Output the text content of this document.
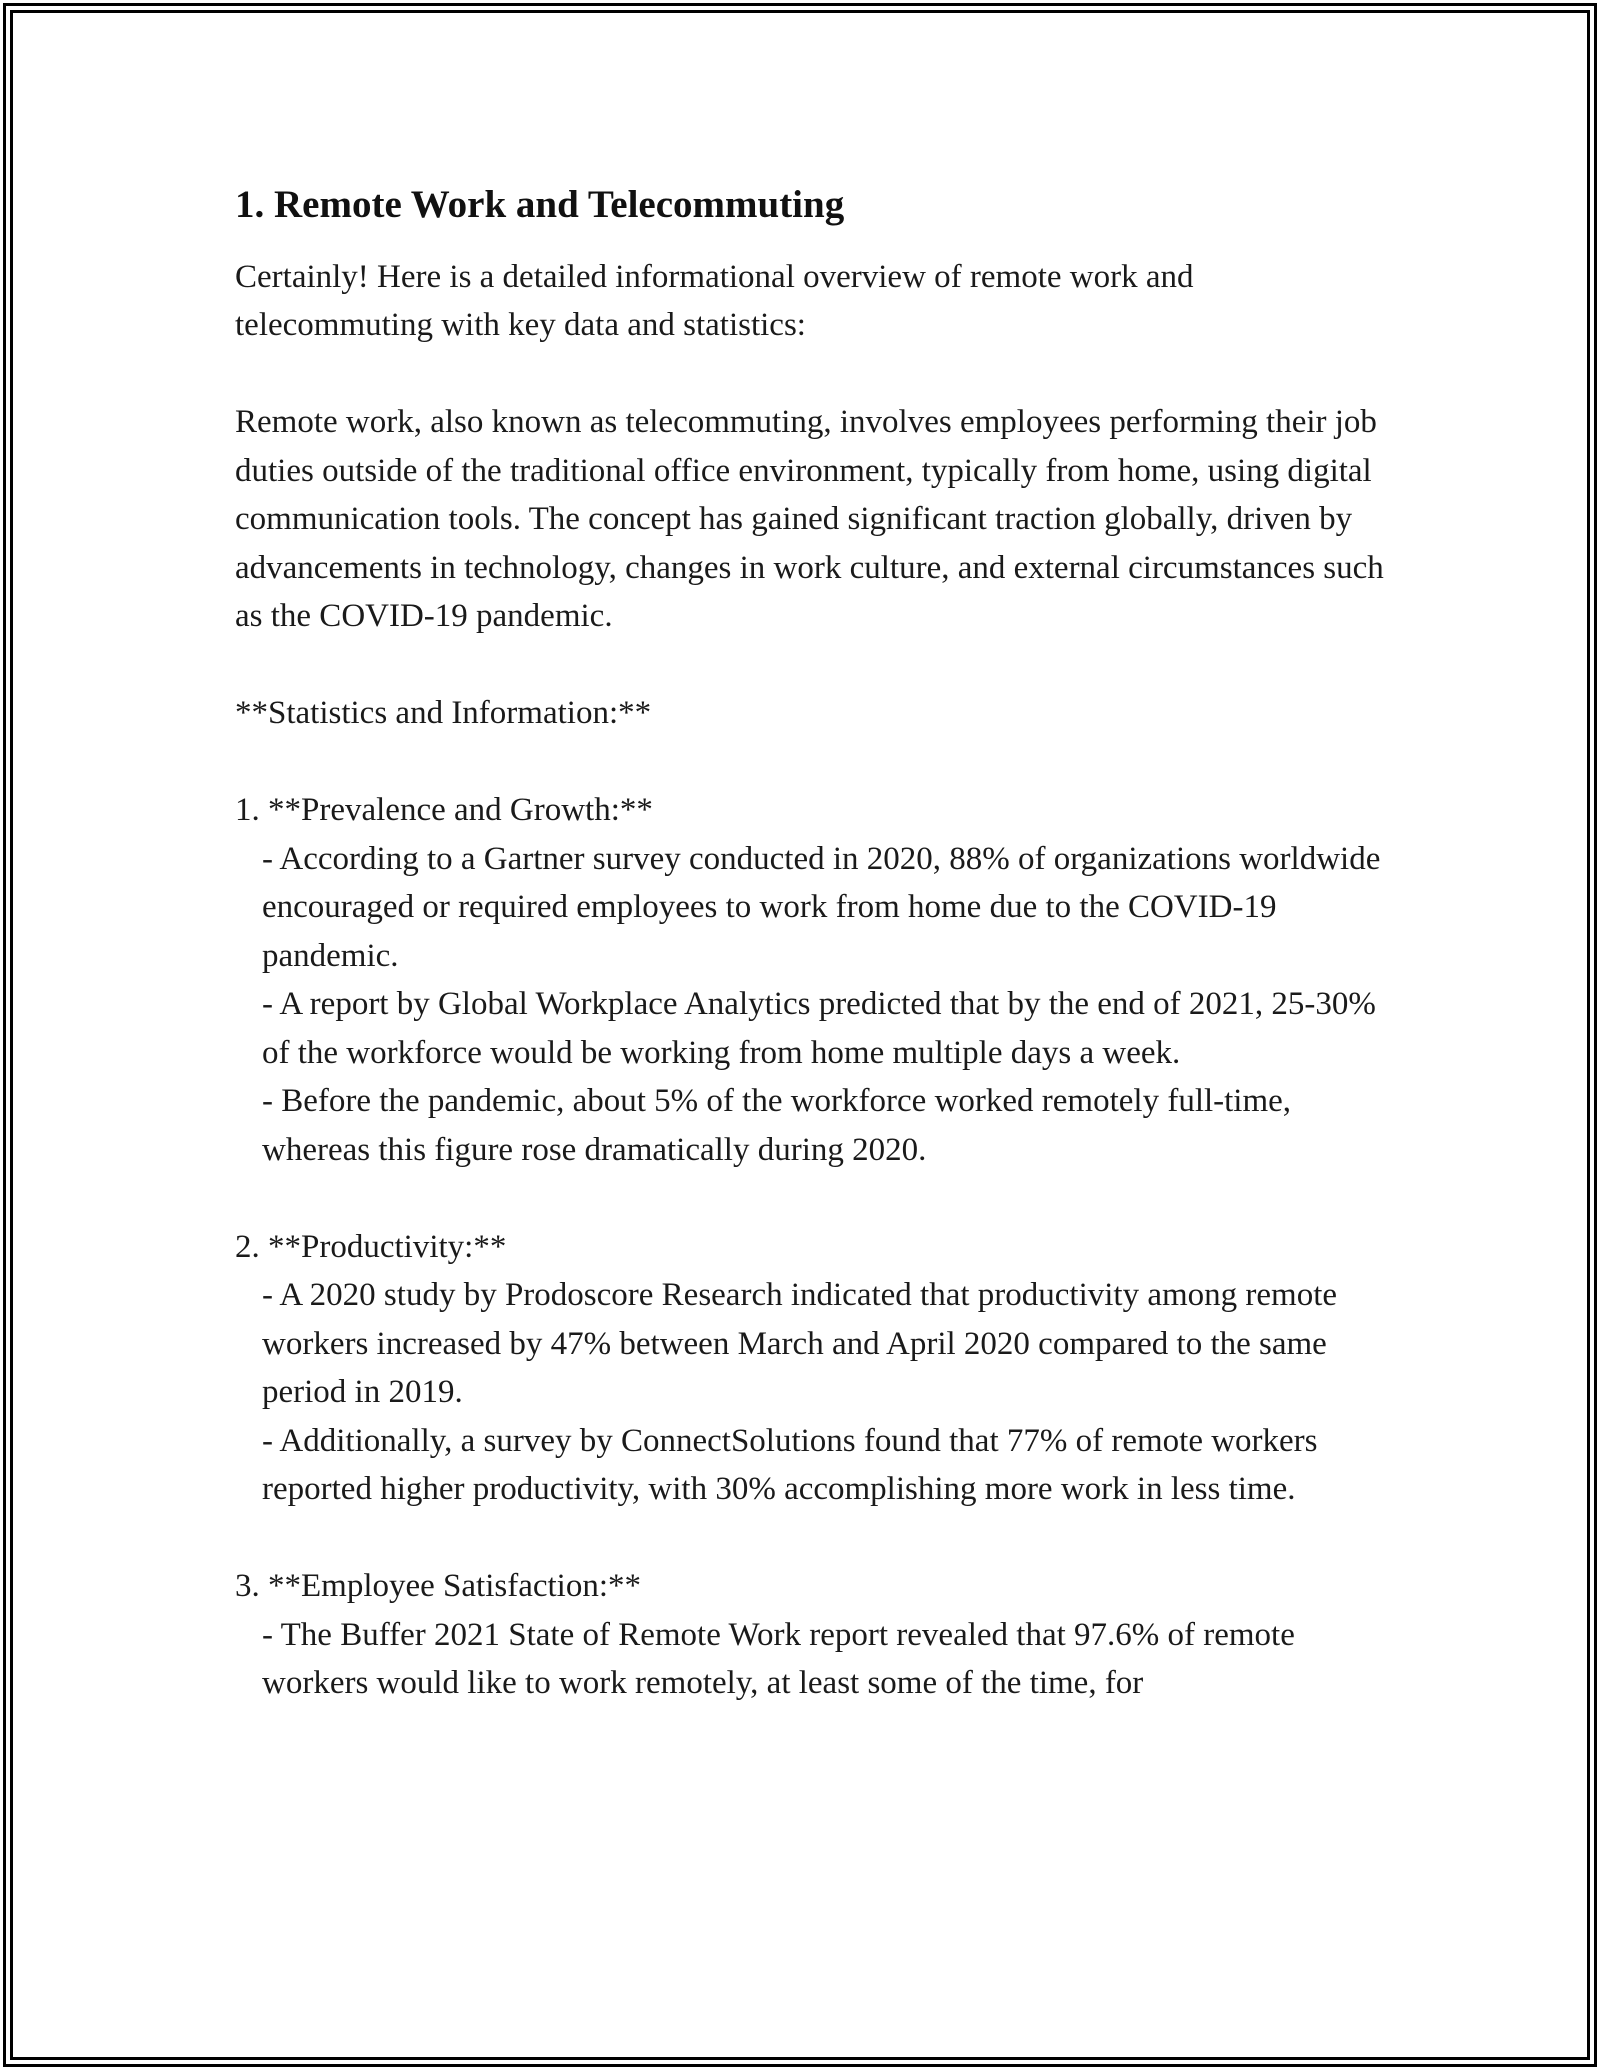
1. Remote Work and Telecommuting

Certainly! Here is a detailed informational overview of remote work and telecommuting with key data and statistics:

Remote work, also known as telecommuting, involves employees performing their job duties outside of the traditional office environment, typically from home, using digital communication tools. The concept has gained significant traction globally, driven by advancements in technology, changes in work culture, and external circumstances such as the COVID-19 pandemic.

**Statistics and Information:**

1. **Prevalence and Growth:**

- According to a Gartner survey conducted in 2020, 88% of organizations worldwide encouraged or required employees to work from home due to the COVID-19 pandemic.

- A report by Global Workplace Analytics predicted that by the end of 2021, 25-30% of the workforce would be working from home multiple days a week.

- Before the pandemic, about 5% of the workforce worked remotely full-time, whereas this figure rose dramatically during 2020.

2. **Productivity:**

- A 2020 study by Prodoscore Research indicated that productivity among remote workers increased by 47% between March and April 2020 compared to the same period in 2019.

- Additionally, a survey by ConnectSolutions found that 77% of remote workers reported higher productivity, with 30% accomplishing more work in less time.

3. **Employee Satisfaction:**

- The Buffer 2021 State of Remote Work report revealed that 97.6% of remote workers would like to work remotely, at least some of the time, for
